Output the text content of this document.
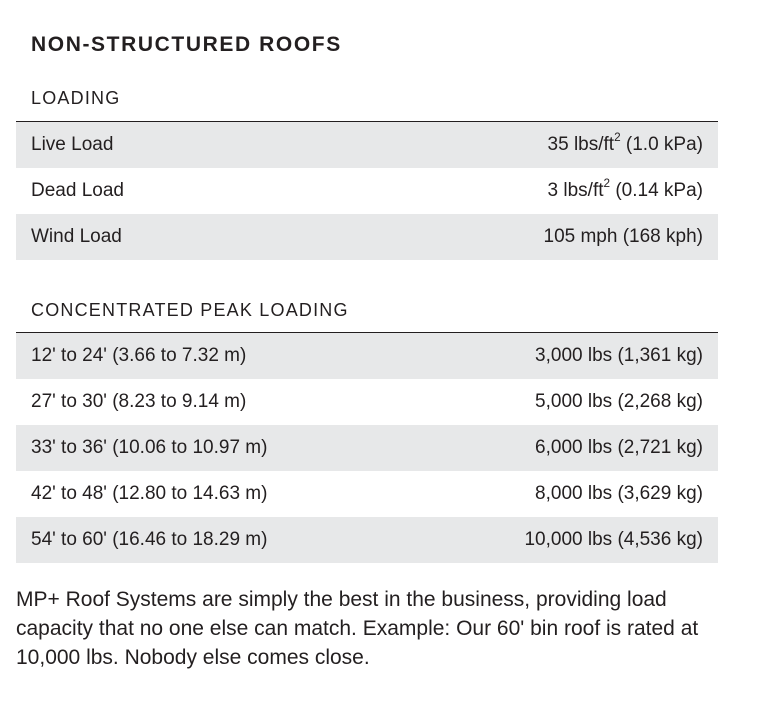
NON-STRUCTURED ROOFS
LOADING
Live Load	35 lbs/$ft^2$ (1.0 kPa)
Dead Load	3 lbs/$ft^2$ (0.14 kPa)
Wind Load	105 mph (168 kph)
CONCENTRATED PEAK LOADING
12' to 24' (3.66 to 7.32 m)	3,000 lbs (1,361 kg)
27' to 30' (8.23 to 9.14 m)	5,000 lbs (2,268 kg)
33' to 36' (10.06 to 10.97 m)	6,000 lbs (2,721 kg)
42' to 48' (12.80 to 14.63 m)	8,000 lbs (3,629 kg)
54' to 60' (16.46 to 18.29 m)	10,000 lbs (4,536 kg)

MP+ Roof Systems are simply the best in the business, providing load capacity that no one else can match. Example: Our 60' bin roof is rated at 10,000 lbs. Nobody else comes close.
